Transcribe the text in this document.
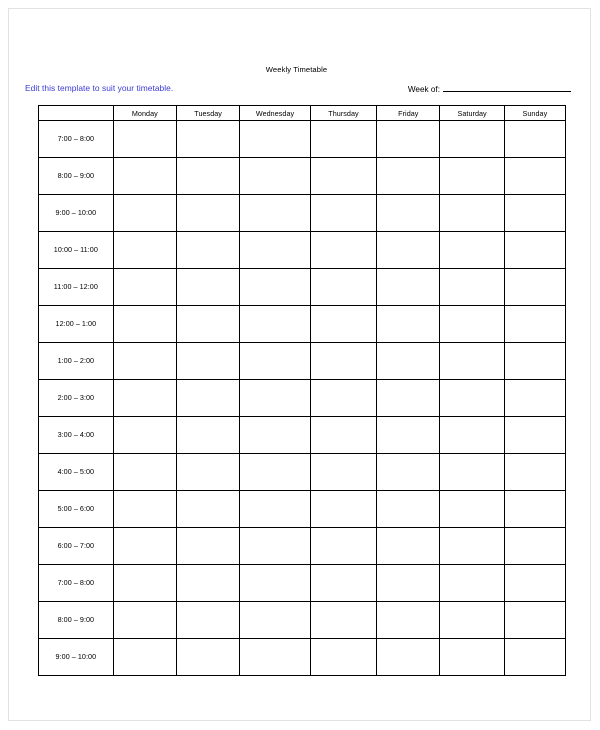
Weekly Timetable
Edit this template to suit your timetable.	Week of:
	Monday	Tuesday	Wednesday	Thursday	Friday	Saturday	Sunday
7:00 – 8:00							
8:00 – 9:00							
9:00 – 10:00							
10:00 – 11:00							
11:00 – 12:00							
12:00 – 1:00							
1:00 – 2:00							
2:00 – 3:00							
3:00 – 4:00							
4:00 – 5:00							
5:00 – 6:00							
6:00 – 7:00							
7:00 – 8:00							
8:00 – 9:00							
9:00 – 10:00							
